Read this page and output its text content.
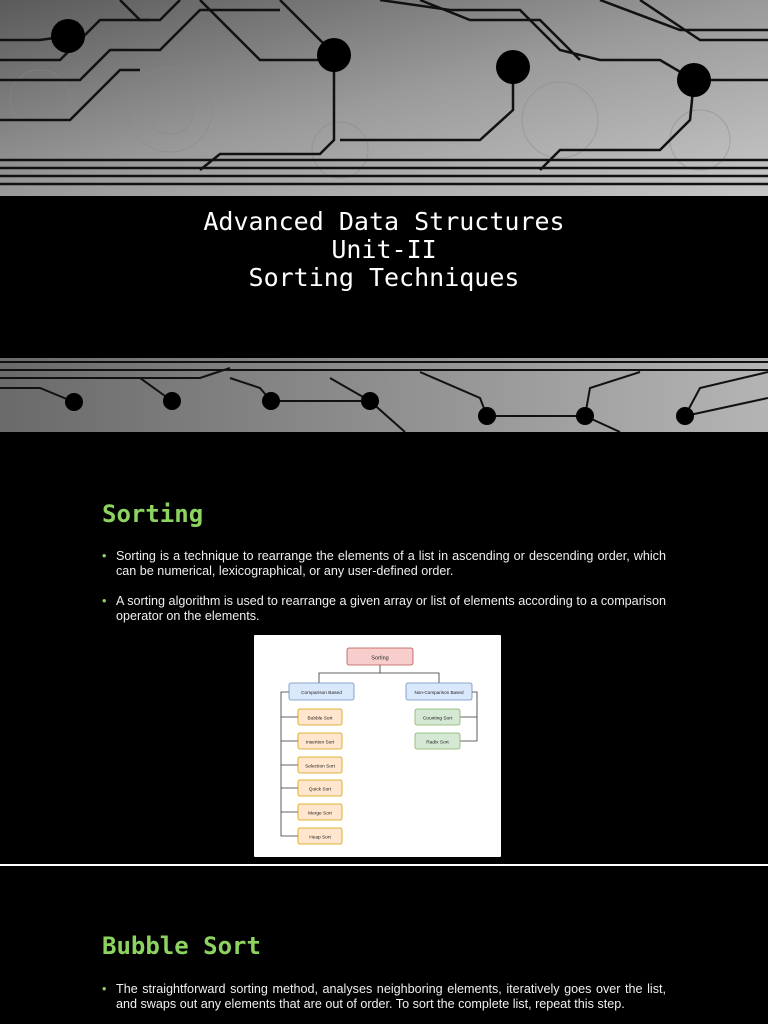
Advanced Data Structures
Unit-II
Sorting Techniques
Sorting
• Sorting is a technique to rearrange the elements of a list in ascending or descending order, which can be numerical, lexicographical, or any user-defined order.
• A sorting algorithm is used to rearrange a given array or list of elements according to a comparison operator on the elements.
Sorting
Comparison Based	Non-Comparison Based
Bubble Sort
Insertion Sort
Selection Sort
Quick Sort
Merge Sort
Heap Sort
Counting Sort
Radix Sort
Bubble Sort
• The straightforward sorting method, analyses neighboring elements, iteratively goes over the list, and swaps out any elements that are out of order. To sort the complete list, repeat this step.
